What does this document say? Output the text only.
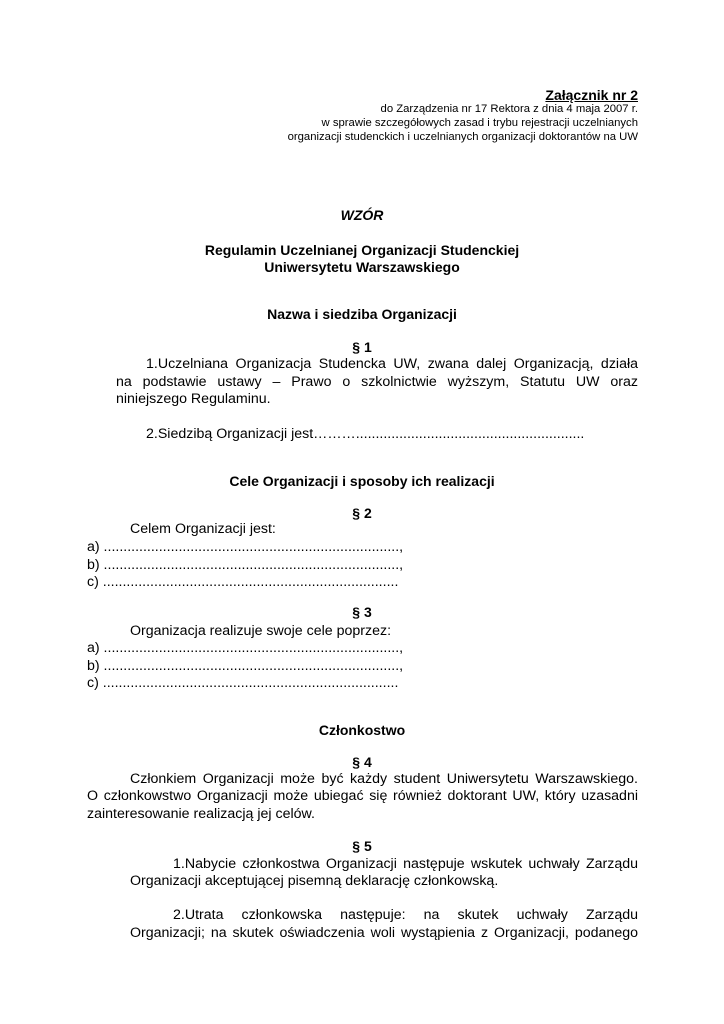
Załącznik nr 2
do Zarządzenia nr 17 Rektora z dnia 4 maja 2007 r.
w sprawie szczegółowych zasad i trybu rejestracji uczelnianych
organizacji studenckich i uczelnianych organizacji doktorantów na UW
WZÓR
Regulamin Uczelnianej Organizacji Studenckiej
Uniwersytetu Warszawskiego
Nazwa i siedziba Organizacji
§ 1
1.Uczelniana Organizacja Studencka UW, zwana dalej Organizacją, działa
na podstawie ustawy – Prawo o szkolnictwie wyższym, Statutu UW oraz
niniejszego Regulaminu.
2.Siedzibą Organizacji jest………..........................................................
Cele Organizacji i sposoby ich realizacji
§ 2
Celem Organizacji jest:
a) ...........................................................................,
b) ...........................................................................,
c) ...........................................................................
§ 3
Organizacja realizuje swoje cele poprzez:
a) ...........................................................................,
b) ...........................................................................,
c) ...........................................................................
Członkostwo
§ 4
Członkiem Organizacji może być każdy student Uniwersytetu Warszawskiego.
O członkowstwo Organizacji może ubiegać się również doktorant UW, który uzasadni
zainteresowanie realizacją jej celów.
§ 5
1.Nabycie członkostwa Organizacji następuje wskutek uchwały Zarządu
Organizacji akceptującej pisemną deklarację członkowską.
2.Utrata członkowska następuje: na skutek uchwały Zarządu
Organizacji; na skutek oświadczenia woli wystąpienia z Organizacji, podanego
